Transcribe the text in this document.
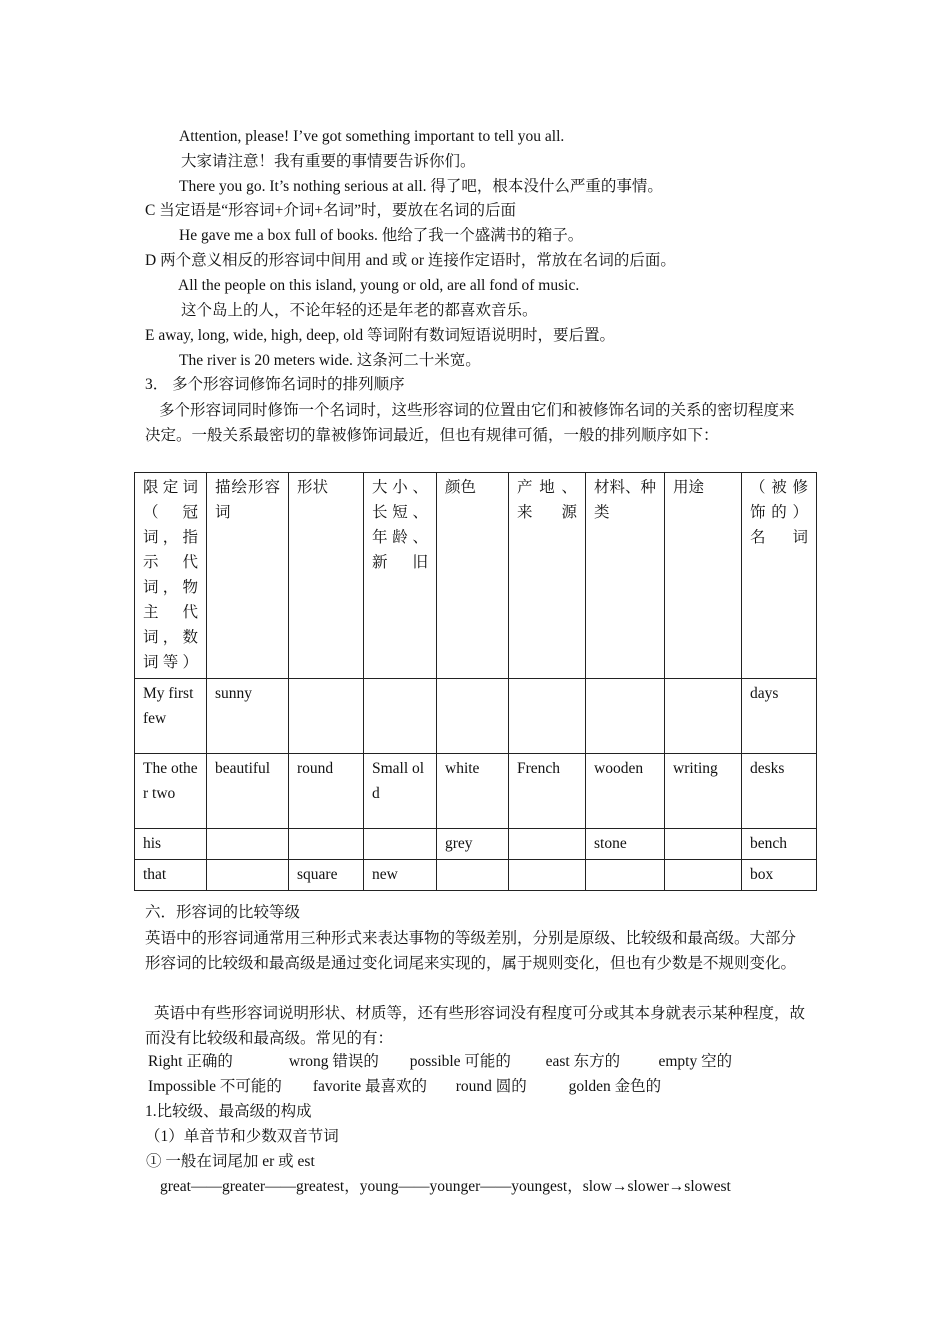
Attention, please! I’ve got something important to tell you all.
大家请注意！我有重要的事情要告诉你们。
There you go. It’s nothing serious at all. 得了吧，根本没什么严重的事情。
C 当定语是“形容词+介词+名词”时，要放在名词的后面
He gave me a box full of books. 他给了我一个盛满书的箱子。
D 两个意义相反的形容词中间用 and 或 or 连接作定语时，常放在名词的后面。
All the people on this island, young or old, are all fond of music.
这个岛上的人，不论年轻的还是年老的都喜欢音乐。
E away, long, wide, high, deep, old 等词附有数词短语说明时，要后置。
The river is 20 meters wide. 这条河二十米宽。
3． 多个形容词修饰名词时的排列顺序
多个形容词同时修饰一个名词时，这些形容词的位置由它们和被修饰名词的关系的密切程度来决定。一般关系最密切的靠被修饰词最近，但也有规律可循，一般的排列顺序如下：
限定词（冠词，指示代词，物主代词，数词等）	描绘形容词	形状	大小、长短、年龄、新旧	颜色	产地、来源	材料、种类	用途	（被修饰的）名词
My first few	sunny							days
The other two	beautiful	round	Small old	white	French	wooden	writing	desks
his				grey		stone		bench
that		square	new					box
六．形容词的比较等级
英语中的形容词通常用三种形式来表达事物的等级差别，分别是原级、比较级和最高级。大部分形容词的比较级和最高级是通过变化词尾来实现的，属于规则变化，但也有少数是不规则变化。
英语中有些形容词说明形状、材质等，还有些形容词没有程度可分或其本身就表示某种程度，故而没有比较级和最高级。常见的有：
Right 正确的	wrong 错误的 possible 可能的 east 东方的 empty 空的
Impossible 不可能的 favorite 最喜欢的 round 圆的	golden 金色的
1.比较级、最高级的构成
（1）单音节和少数双音节词
① 一般在词尾加 er 或 est
great——greater——greatest，young——younger——youngest，slow→slower→slowest
